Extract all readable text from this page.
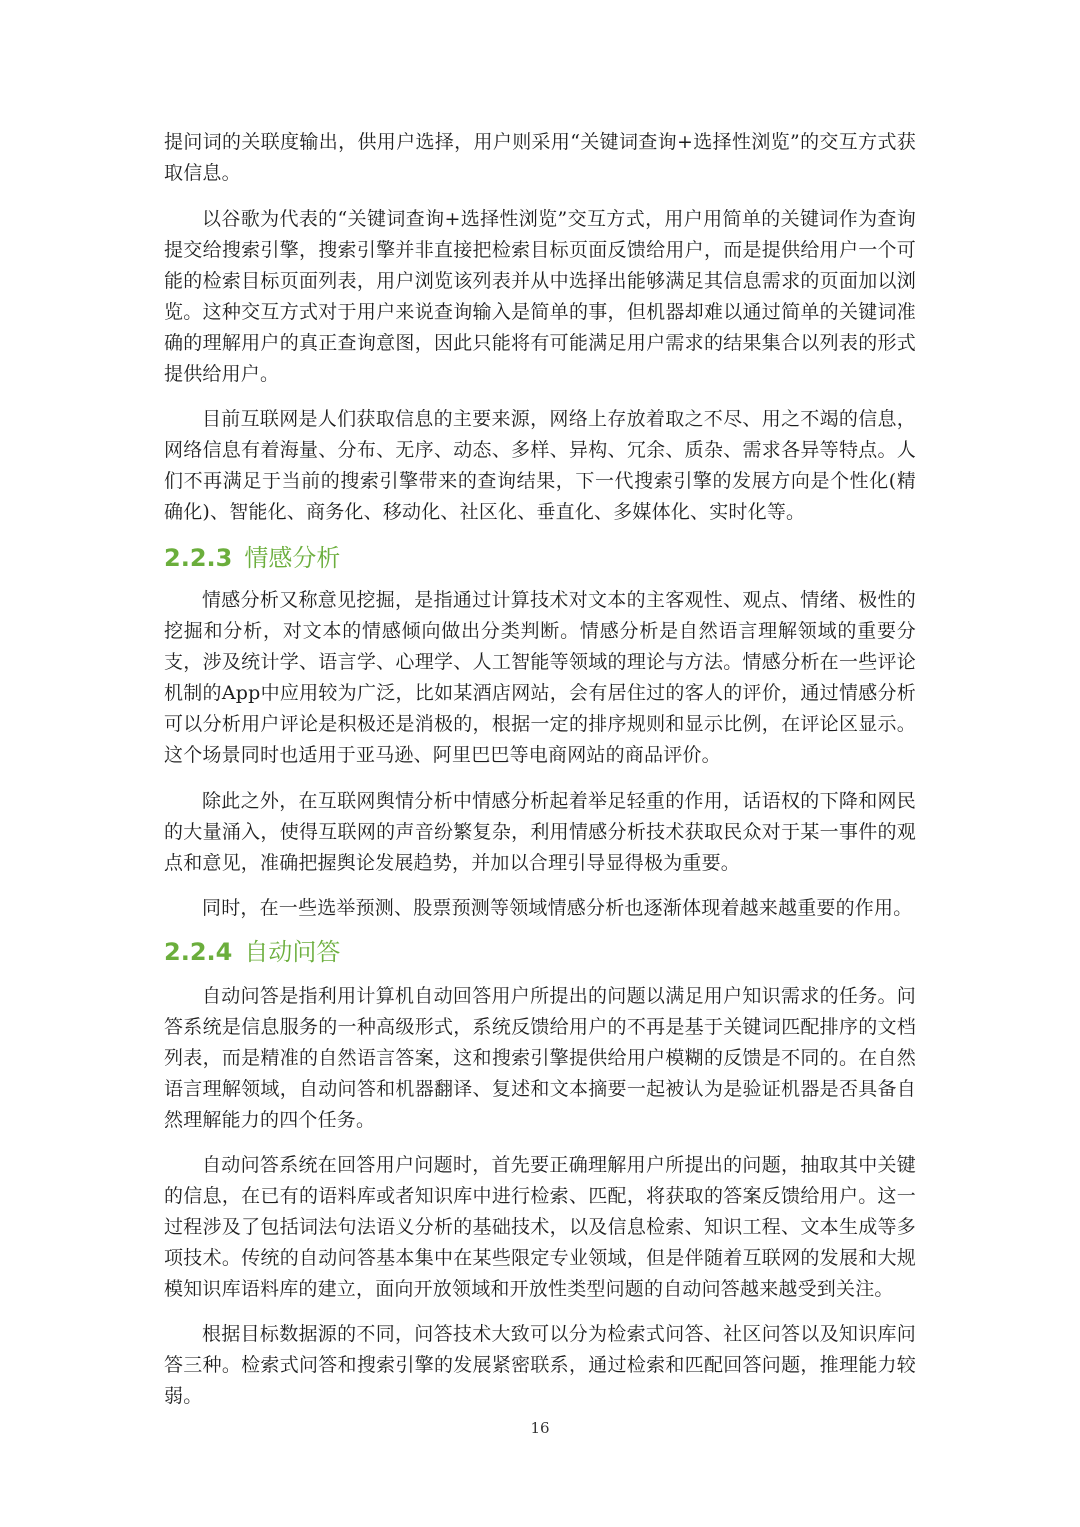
提问词的关联度输出，供用户选择，用户则采用“关键词查询+选择性浏览”的交互方式获取信息。

以谷歌为代表的“关键词查询+选择性浏览”交互方式，用户用简单的关键词作为查询提交给搜索引擎，搜索引擎并非直接把检索目标页面反馈给用户，而是提供给用户一个可能的检索目标页面列表，用户浏览该列表并从中选择出能够满足其信息需求的页面加以浏览。这种交互方式对于用户来说查询输入是简单的事，但机器却难以通过简单的关键词准确的理解用户的真正查询意图，因此只能将有可能满足用户需求的结果集合以列表的形式提供给用户。

目前互联网是人们获取信息的主要来源，网络上存放着取之不尽、用之不竭的信息，网络信息有着海量、分布、无序、动态、多样、异构、冗余、质杂、需求各异等特点。人们不再满足于当前的搜索引擎带来的查询结果，下一代搜索引擎的发展方向是个性化(精确化)、智能化、商务化、移动化、社区化、垂直化、多媒体化、实时化等。

2.2.3 情感分析

情感分析又称意见挖掘，是指通过计算技术对文本的主客观性、观点、情绪、极性的挖掘和分析，对文本的情感倾向做出分类判断。情感分析是自然语言理解领域的重要分支，涉及统计学、语言学、心理学、人工智能等领域的理论与方法。情感分析在一些评论机制的App中应用较为广泛，比如某酒店网站，会有居住过的客人的评价，通过情感分析可以分析用户评论是积极还是消极的，根据一定的排序规则和显示比例，在评论区显示。这个场景同时也适用于亚马逊、阿里巴巴等电商网站的商品评价。

除此之外，在互联网舆情分析中情感分析起着举足轻重的作用，话语权的下降和网民的大量涌入，使得互联网的声音纷繁复杂，利用情感分析技术获取民众对于某一事件的观点和意见，准确把握舆论发展趋势，并加以合理引导显得极为重要。

同时，在一些选举预测、股票预测等领域情感分析也逐渐体现着越来越重要的作用。

2.2.4 自动问答

自动问答是指利用计算机自动回答用户所提出的问题以满足用户知识需求的任务。问答系统是信息服务的一种高级形式，系统反馈给用户的不再是基于关键词匹配排序的文档列表，而是精准的自然语言答案，这和搜索引擎提供给用户模糊的反馈是不同的。在自然语言理解领域，自动问答和机器翻译、复述和文本摘要一起被认为是验证机器是否具备自然理解能力的四个任务。

自动问答系统在回答用户问题时，首先要正确理解用户所提出的问题，抽取其中关键的信息，在已有的语料库或者知识库中进行检索、匹配，将获取的答案反馈给用户。这一过程涉及了包括词法句法语义分析的基础技术，以及信息检索、知识工程、文本生成等多项技术。传统的自动问答基本集中在某些限定专业领域，但是伴随着互联网的发展和大规模知识库语料库的建立，面向开放领域和开放性类型问题的自动问答越来越受到关注。

根据目标数据源的不同，问答技术大致可以分为检索式问答、社区问答以及知识库问答三种。检索式问答和搜索引擎的发展紧密联系，通过检索和匹配回答问题，推理能力较弱。

16
